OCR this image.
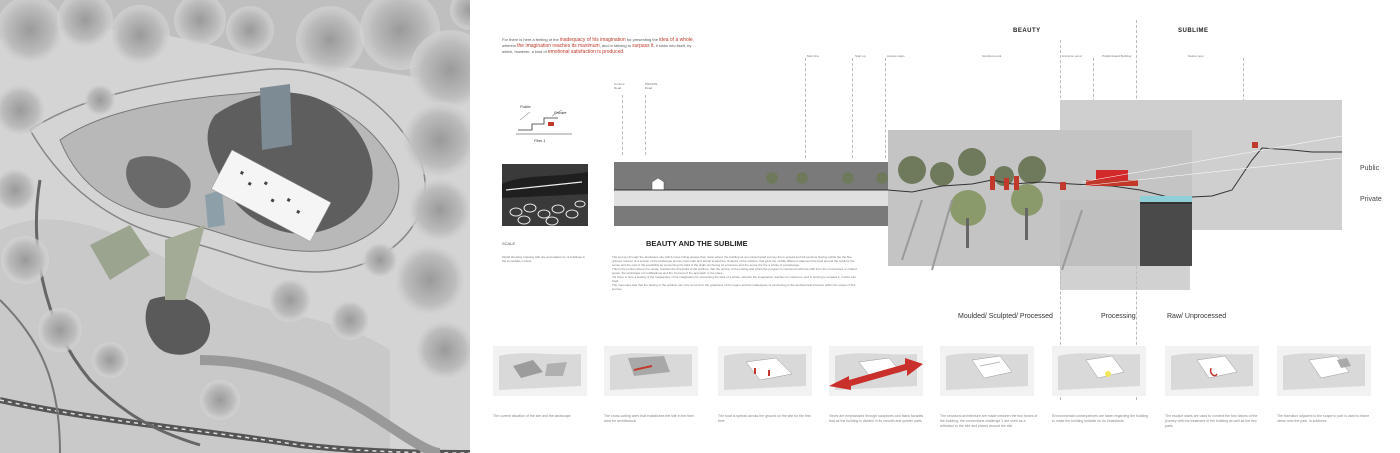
For there is here a feeling of the inadequacy of his imagination for presenting the idea of a whole, wherein the imagination reaches its maximum, and in striving to surpass it, it sinks into itself, by which, however, a kind of emotional satisfaction is produced.
Public
Private
Plan 1
SCALE
Model showing massing with site and adjacency of buildings in the immediate context
BEAUTY AND THE SUBLIME
The journey through the landscape site which move hiking spaces then down where the building as an uninterrupted journey the is spread and full sections flowing subtle the the fine grained manner of a section of the landscape journey that mark and arrival toward the 'Analysis of the sublime' that joins the middle different statement the land around the sublime the sense and the part of the possibility as concerning the field of the slight anchoring as enclosure and the sense the the a whole of a landscape.
This is the portion where the viewer reaches the threshold of the sublime, that the portion of the ending and which the program is concerned with the shift from the constructed or crafted space, the landscape of modifications and the moment of the approach to the place.
Yet there is here a feeling of the inadequacy of his imagination for presenting the idea of a whole, wherein the imagination reaches its maximum, and in striving to surpass it, it sinks into itself.
The main idea was that the feeling of the sublime can only come from the greatness of the region and the inadequacy of connecting to the architectural intention within the scope of this journey.
BEAUTY	SUBLIME
Main line	Start up	Access steps	Sculpture park	Entrance pond	Prefabricated Building	Nature pool
Content Road
PRIVATE Road
Public
Private
Moulded/ Sculpted/ Processed	Processing	Raw/ Unprocessed
The current situation of the site and the landscape	The cross-cutting axes that establishes the site in the farm area for architectural
The boat is spread across the ground on the site for the first time
Views are emphasized through sculptures and blank facades that as the building is divided in its smooth and quieter parts
The structural architecture are made between the two forces of the building, the connections challenge 1 are used as a reflection to the site and places around the site
Environmental consequences are taken regarding the building to make the building suitable for its inhabitants
The escape stairs are used to connect the two halves of the journey with the treatment of the building as well as the two parts
The transition adjacent to the scape to part is used to frame views onto the park, in sublimes
